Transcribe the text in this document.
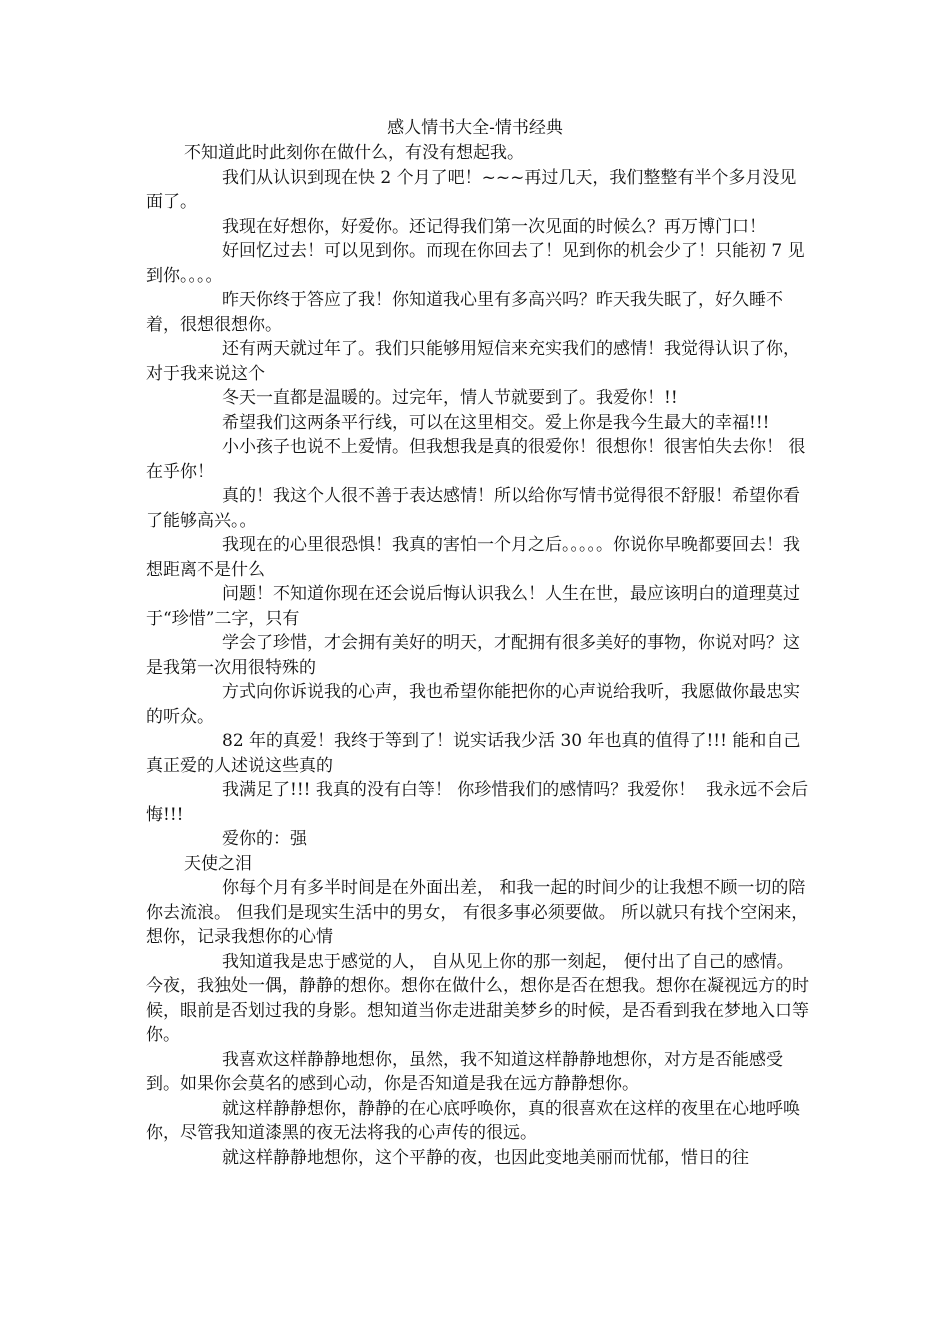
感人情书大全-情书经典

不知道此时此刻你在做什么，有没有想起我。

我们从认识到现在快 2 个月了吧！~~~再过几天，我们整整有半个多月没见面了。

我现在好想你，好爱你。还记得我们第一次见面的时候么？再万博门口！

好回忆过去！可以见到你。而现在你回去了！见到你的机会少了！只能初 7 见到你。。。。

昨天你终于答应了我！你知道我心里有多高兴吗？昨天我失眠了，好久睡不着，很想很想你。

还有两天就过年了。我们只能够用短信来充实我们的感情！我觉得认识了你，对于我来说这个

冬天一直都是温暖的。过完年，情人节就要到了。我爱你！!!

希望我们这两条平行线，可以在这里相交。爱上你是我今生最大的幸福!!!

小小孩子也说不上爱情。但我想我是真的很爱你！很想你！很害怕失去你！ 很在乎你！

真的！我这个人很不善于表达感情！所以给你写情书觉得很不舒服！希望你看了能够高兴。。

我现在的心里很恐惧！我真的害怕一个月之后。。。。。你说你早晚都要回去！我想距离不是什么

问题！不知道你现在还会说后悔认识我么！人生在世，最应该明白的道理莫过于“珍惜”二字，只有

学会了珍惜，才会拥有美好的明天，才配拥有很多美好的事物，你说对吗？这是我第一次用很特殊的

方式向你诉说我的心声，我也希望你能把你的心声说给我听，我愿做你最忠实的听众。

82 年的真爱！我终于等到了！说实话我少活 30 年也真的值得了!!! 能和自己真正爱的人述说这些真的

我满足了!!! 我真的没有白等！ 你珍惜我们的感情吗？我爱你！  我永远不会后悔!!!

爱你的：强

天使之泪

你每个月有多半时间是在外面出差， 和我一起的时间少的让我想不顾一切的陪你去流浪。 但我们是现实生活中的男女， 有很多事必须要做。 所以就只有找个空闲来，想你，记录我想你的心情

我知道我是忠于感觉的人， 自从见上你的那一刻起， 便付出了自己的感情。今夜，我独处一偶，静静的想你。想你在做什么，想你是否在想我。想你在凝视远方的时候，眼前是否划过我的身影。想知道当你走进甜美梦乡的时候，是否看到我在梦地入口等你。

我喜欢这样静静地想你，虽然，我不知道这样静静地想你，对方是否能感受到。如果你会莫名的感到心动，你是否知道是我在远方静静想你。

就这样静静想你，静静的在心底呼唤你，真的很喜欢在这样的夜里在心地呼唤你，尽管我知道漆黑的夜无法将我的心声传的很远。

就这样静静地想你，这个平静的夜，也因此变地美丽而忧郁，惜日的往
